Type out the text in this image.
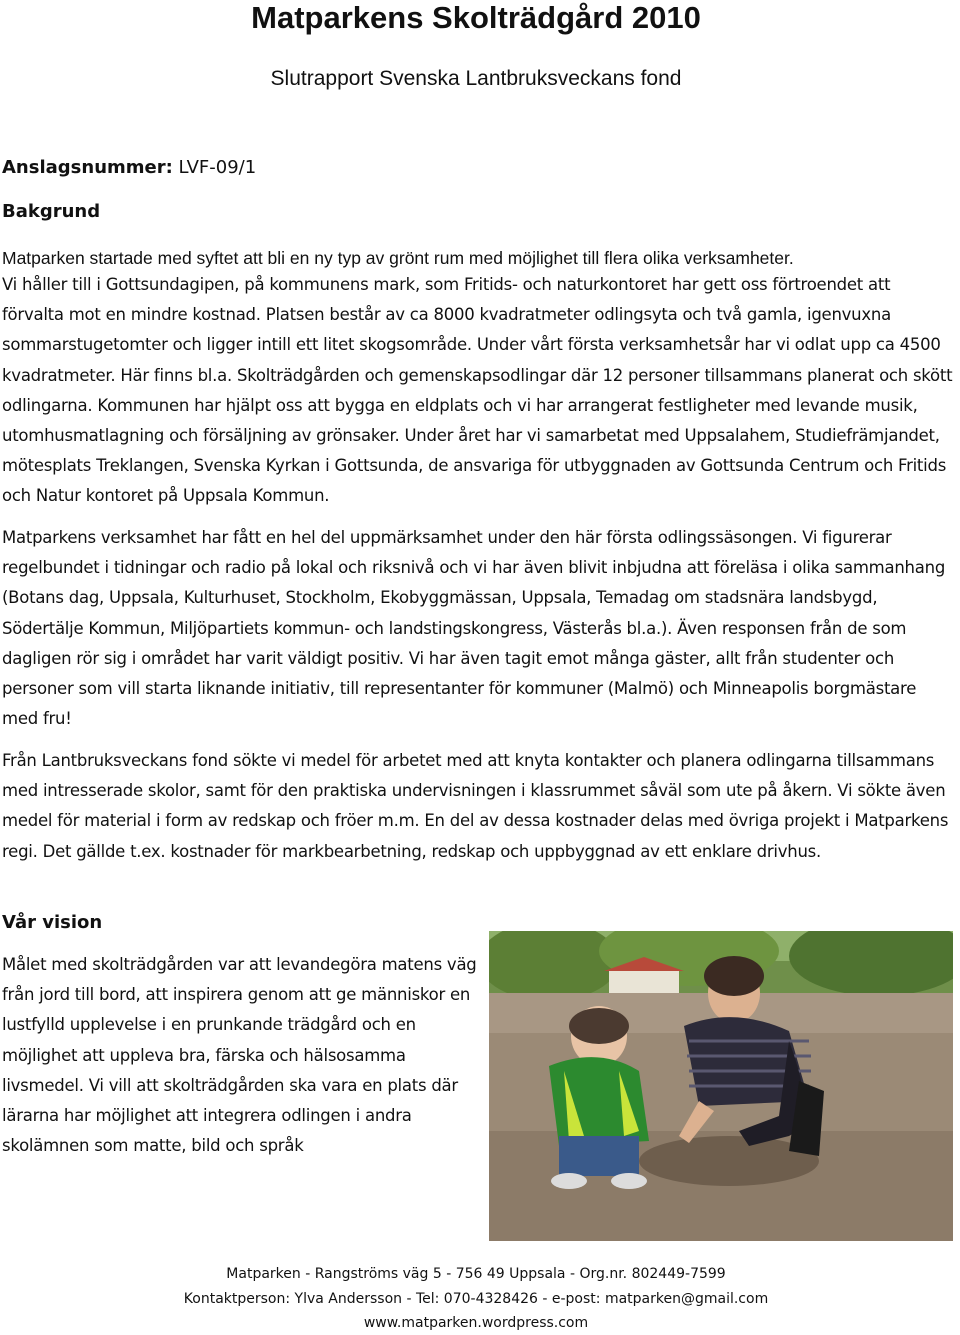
Matparkens Skolträdgård 2010
Slutrapport Svenska Lantbruksveckans fond
Anslagsnummer: LVF-09/1
Bakgrund
Matparken startade med syftet att bli en ny typ av grönt rum med möjlighet till flera olika verksamheter.

Vi håller till i Gottsundagipen, på kommunens mark, som Fritids- och naturkontoret har gett oss förtroendet att förvalta mot en mindre kostnad. Platsen består av ca 8000 kvadratmeter odlingsyta och två gamla, igenvuxna sommarstugetomter och ligger intill ett litet skogsområde. Under vårt första verksamhetsår har vi odlat upp ca 4500 kvadratmeter. Här finns bl.a. Skolträdgården och gemenskapsodlingar där 12 personer tillsammans planerat och skött odlingarna. Kommunen har hjälpt oss att bygga en eldplats och vi har arrangerat festligheter med levande musik, utomhusmatlagning och försäljning av grönsaker. Under året har vi samarbetat med Uppsalahem, Studiefrämjandet, mötesplats Treklangen, Svenska Kyrkan i Gottsunda, de ansvariga för utbyggnaden av Gottsunda Centrum och Fritids och Natur kontoret på Uppsala Kommun.

Matparkens verksamhet har fått en hel del uppmärksamhet under den här första odlingssäsongen. Vi figurerar regelbundet i tidningar och radio på lokal och riksnivå och vi har även blivit inbjudna att föreläsa i olika sammanhang (Botans dag, Uppsala, Kulturhuset, Stockholm, Ekobyggmässan, Uppsala, Temadag om stadsnära landsbygd, Södertälje Kommun, Miljöpartiets kommun- och landstingskongress, Västerås bl.a.). Även responsen från de som dagligen rör sig i området har varit väldigt positiv. Vi har även tagit emot många gäster, allt från studenter och personer som vill starta liknande initiativ, till representanter för kommuner (Malmö) och Minneapolis borgmästare med fru!

Från Lantbruksveckans fond sökte vi medel för arbetet med att knyta kontakter och planera odlingarna tillsammans med intresserade skolor, samt för den praktiska undervisningen i klassrummet såväl som ute på åkern. Vi sökte även medel för material i form av redskap och fröer m.m. En del av dessa kostnader delas med övriga projekt i Matparkens regi. Det gällde t.ex. kostnader för markbearbetning, redskap och uppbyggnad av ett enklare drivhus.

Vår vision
Målet med skolträdgården var att levandegöra matens väg från jord till bord, att inspirera genom att ge människor en lustfylld upplevelse i en prunkande trädgård och en möjlighet att uppleva bra, färska och hälsosamma livsmedel. Vi vill att skolträdgården ska vara en plats där lärarna har möjlighet att integrera odlingen i andra skolämnen som matte, bild och språk
Matparken - Rangströms väg 5 - 756 49 Uppsala - Org.nr. 802449-7599
Kontaktperson: Ylva Andersson - Tel: 070-4328426 - e-post: matparken@gmail.com
www.matparken.wordpress.com
